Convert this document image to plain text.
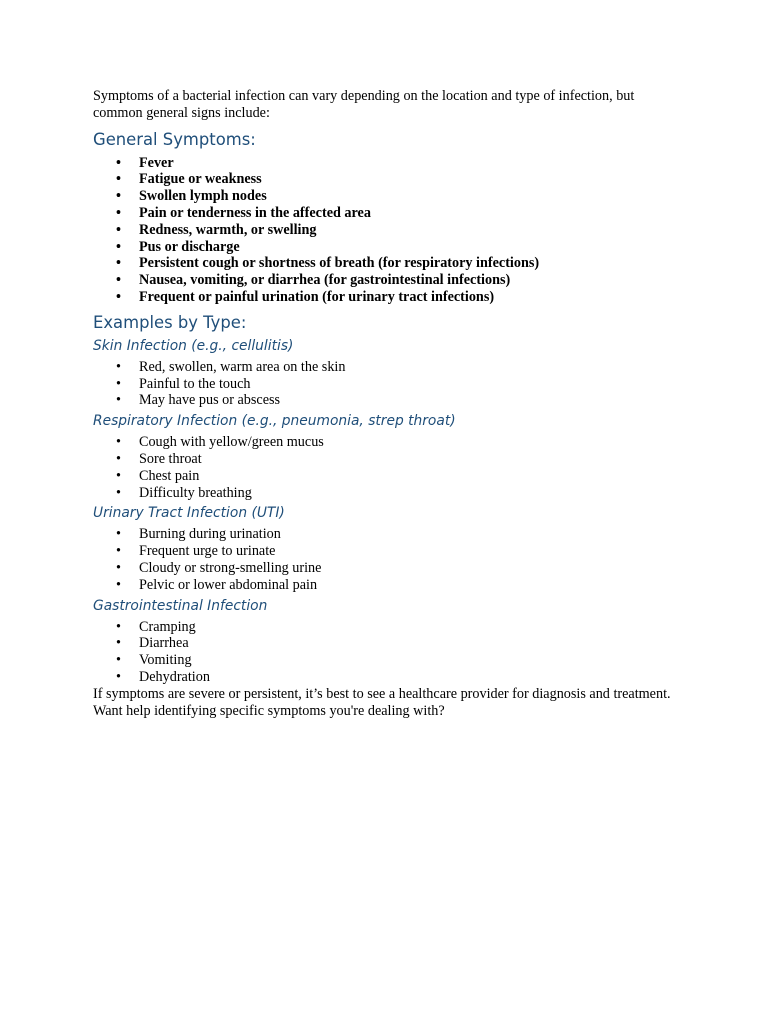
Symptoms of a bacterial infection can vary depending on the location and type of infection, but common general signs include:

General Symptoms:
• Fever
• Fatigue or weakness
• Swollen lymph nodes
• Pain or tenderness in the affected area
• Redness, warmth, or swelling
• Pus or discharge
• Persistent cough or shortness of breath (for respiratory infections)
• Nausea, vomiting, or diarrhea (for gastrointestinal infections)
• Frequent or painful urination (for urinary tract infections)
Examples by Type:
Skin Infection (e.g., cellulitis)
• Red, swollen, warm area on the skin
• Painful to the touch
• May have pus or abscess
Respiratory Infection (e.g., pneumonia, strep throat)
• Cough with yellow/green mucus
• Sore throat
• Chest pain
• Difficulty breathing
Urinary Tract Infection (UTI)
• Burning during urination
• Frequent urge to urinate
• Cloudy or strong-smelling urine
• Pelvic or lower abdominal pain
Gastrointestinal Infection
• Cramping
• Diarrhea
• Vomiting
• Dehydration

If symptoms are severe or persistent, it’s best to see a healthcare provider for diagnosis and treatment. Want help identifying specific symptoms you're dealing with?
